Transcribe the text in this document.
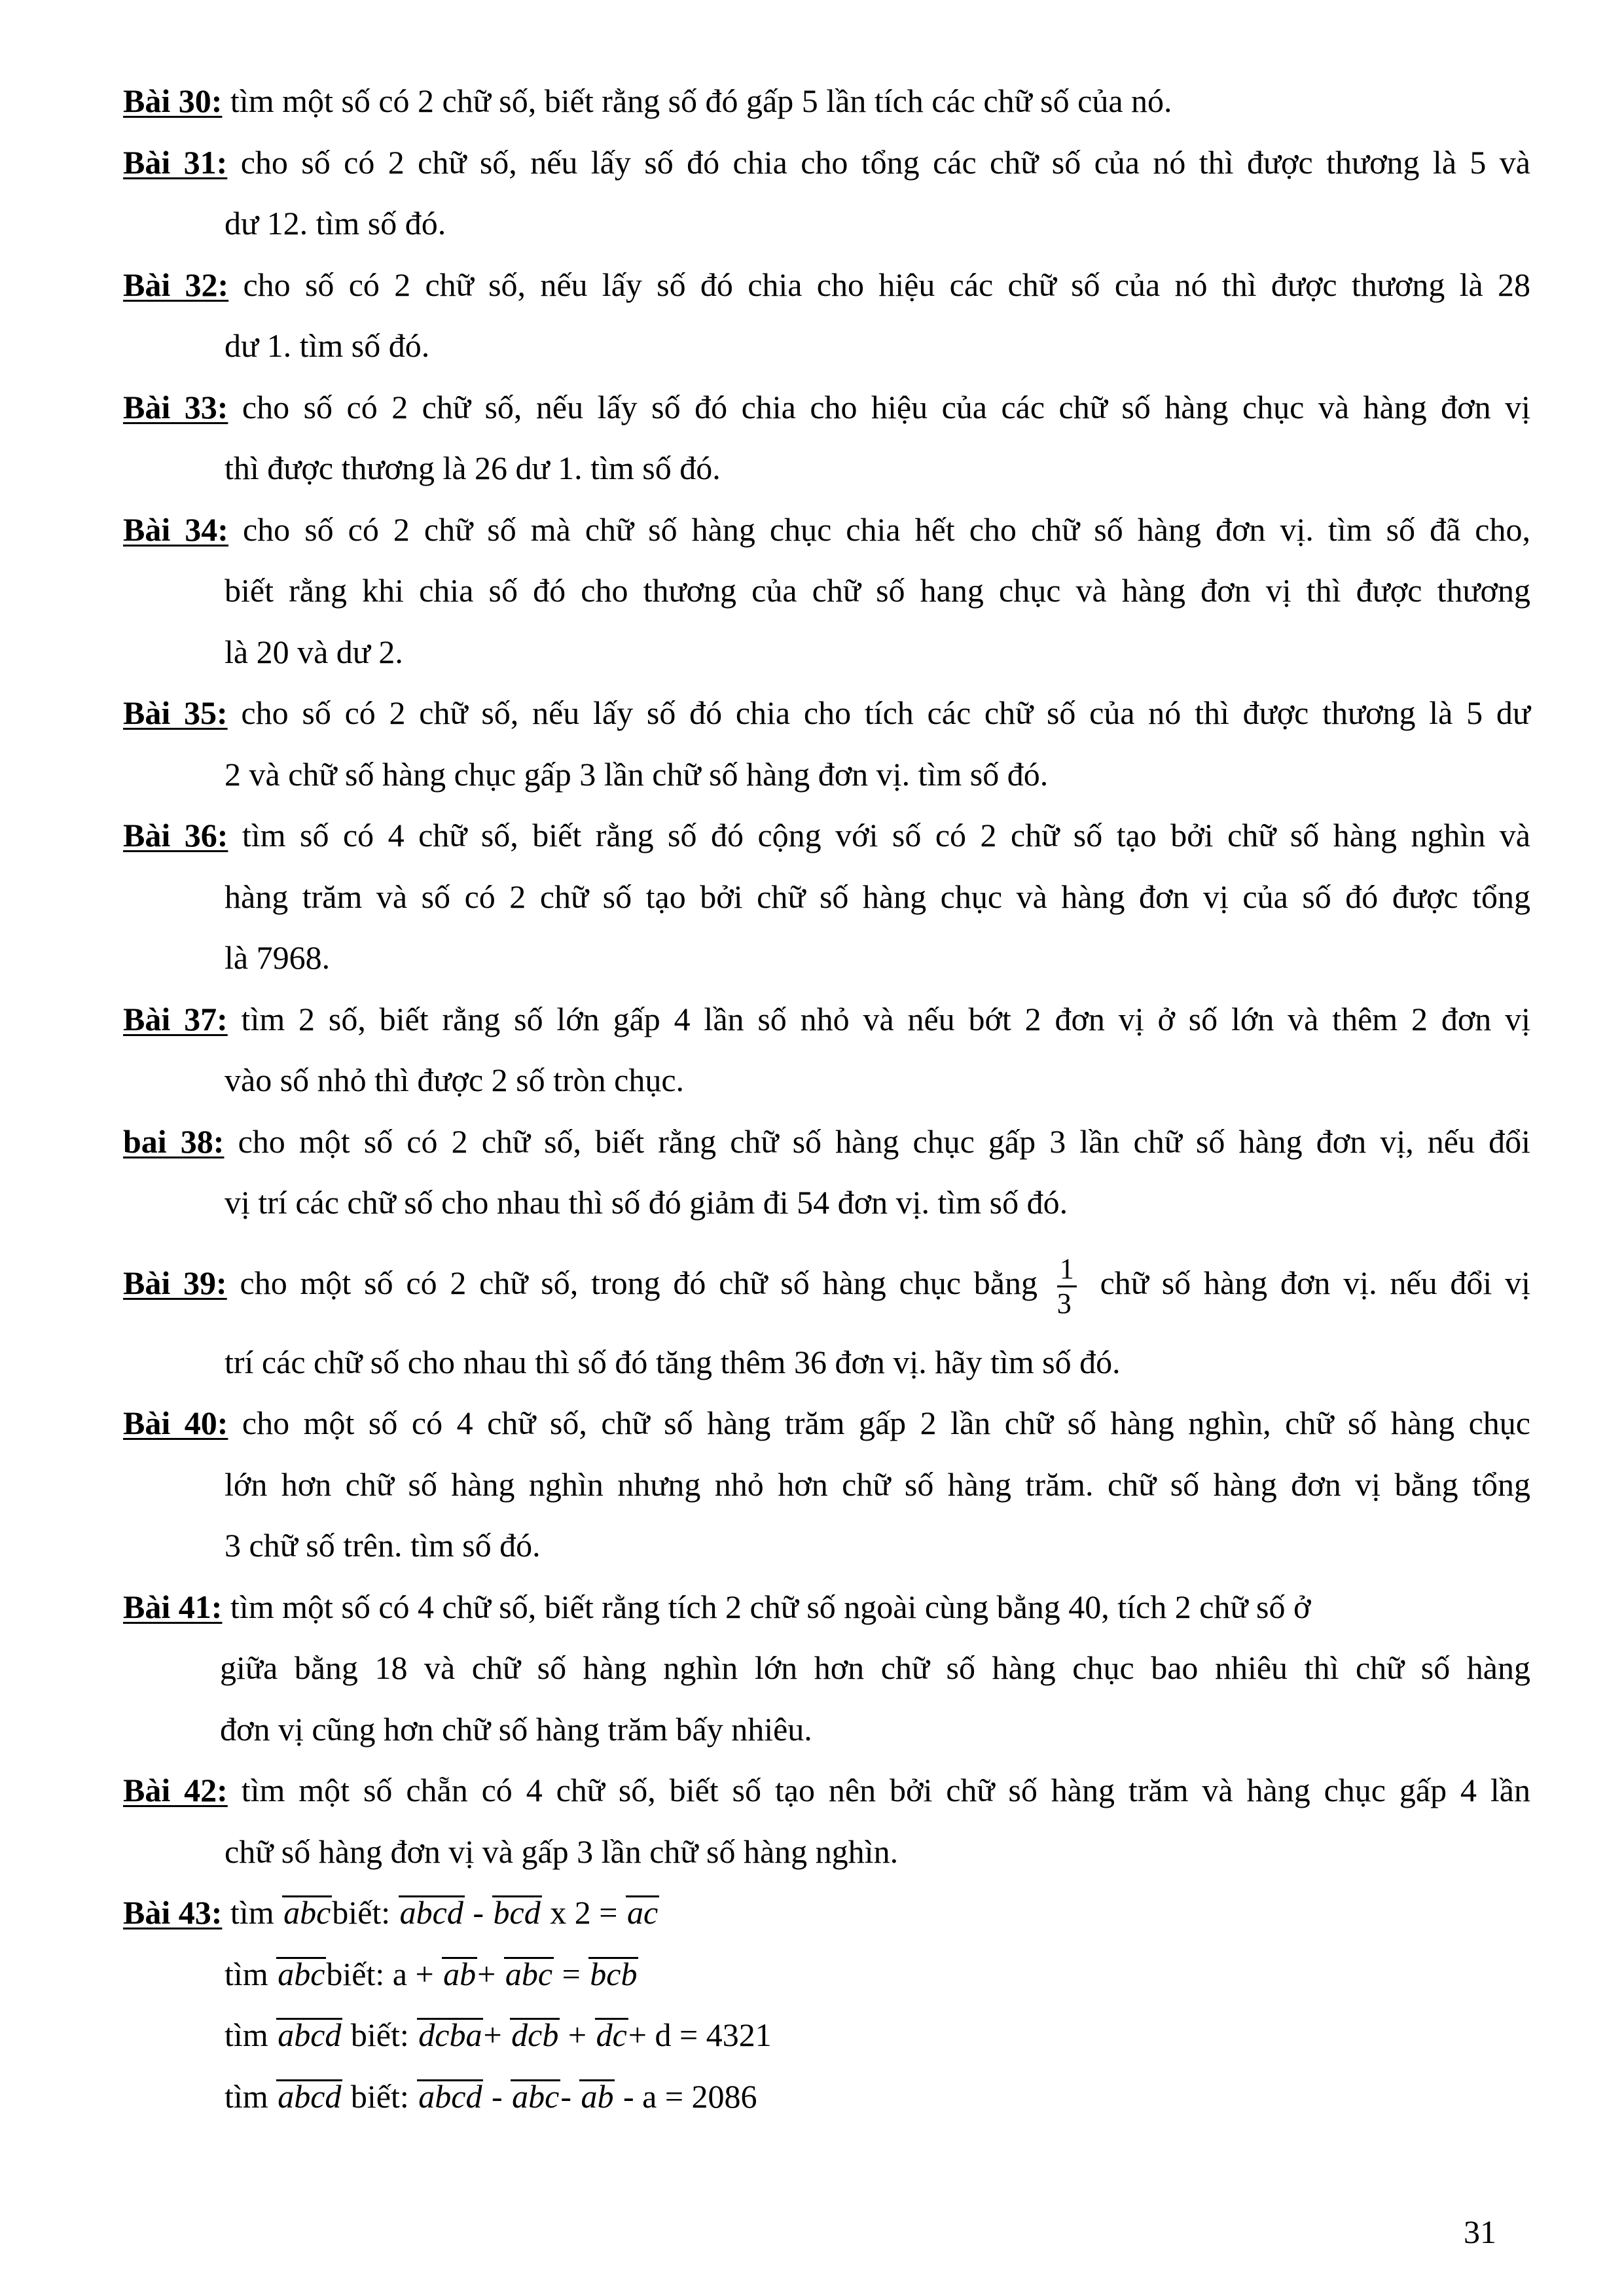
Bài 30: tìm một số có 2 chữ số, biết rằng số đó gấp 5 lần tích các chữ số của nó.
Bài 31: cho số có 2 chữ số, nếu lấy số đó chia cho tổng các chữ số của nó thì được thương là 5 và
dư 12. tìm số đó.
Bài 32: cho số có 2 chữ số, nếu lấy số đó chia cho hiệu các chữ số của nó thì được thương là 28
dư 1. tìm số đó.
Bài 33: cho số có 2 chữ số, nếu lấy số đó chia cho hiệu của các chữ số hàng chục và hàng đơn vị
thì được thương là 26 dư 1. tìm số đó.
Bài 34: cho số có 2 chữ số mà chữ số hàng chục chia hết cho chữ số hàng đơn vị. tìm số đã cho,
biết rằng khi chia số đó cho thương của chữ số hang chục và hàng đơn vị thì được thương
là 20 và dư 2.
Bài 35: cho số có 2 chữ số, nếu lấy số đó chia cho tích các chữ số của nó thì được thương là 5 dư
2 và chữ số hàng chục gấp 3 lần chữ số hàng đơn vị. tìm số đó.
Bài 36: tìm số có 4 chữ số, biết rằng số đó cộng với số có 2 chữ số tạo bởi chữ số hàng nghìn và
hàng trăm và số có 2 chữ số tạo bởi chữ số hàng chục và hàng đơn vị của số đó được tổng
là 7968.
Bài 37: tìm 2 số, biết rằng số lớn gấp 4 lần số nhỏ và nếu bớt 2 đơn vị ở số lớn và thêm 2 đơn vị
vào số nhỏ thì được 2 số tròn chục.
bai 38: cho một số có 2 chữ số, biết rằng chữ số hàng chục gấp 3 lần chữ số hàng đơn vị, nếu đổi
vị trí các chữ số cho nhau thì số đó giảm đi 54 đơn vị. tìm số đó.
Bài 39: cho một số có 2 chữ số, trong đó chữ số hàng chục bằng $\frac{1}{3}$ chữ số hàng đơn vị. nếu đổi vị
trí các chữ số cho nhau thì số đó tăng thêm 36 đơn vị. hãy tìm số đó.
Bài 40: cho một số có 4 chữ số, chữ số hàng trăm gấp 2 lần chữ số hàng nghìn, chữ số hàng chục
lớn hơn chữ số hàng nghìn nhưng nhỏ hơn chữ số hàng trăm. chữ số hàng đơn vị bằng tổng
3 chữ số trên. tìm số đó.
Bài 41: tìm một số có 4 chữ số, biết rằng tích 2 chữ số ngoài cùng bằng 40, tích 2 chữ số ở
giữa bằng 18 và chữ số hàng nghìn lớn hơn chữ số hàng chục bao nhiêu thì chữ số hàng
đơn vị cũng hơn chữ số hàng trăm bấy nhiêu.
Bài 42: tìm một số chẵn có 4 chữ số, biết số tạo nên bởi chữ số hàng trăm và hàng chục gấp 4 lần
chữ số hàng đơn vị và gấp 3 lần chữ số hàng nghìn.
Bài 43: tìm abcbiết: abcd - bcd x 2 = ac
tìm abcbiết: a + ab+ abc = bcb
tìm abcd biết: dcba+ dcb + dc+ d = 4321
tìm abcd biết: abcd - abc- ab - a = 2086
31
